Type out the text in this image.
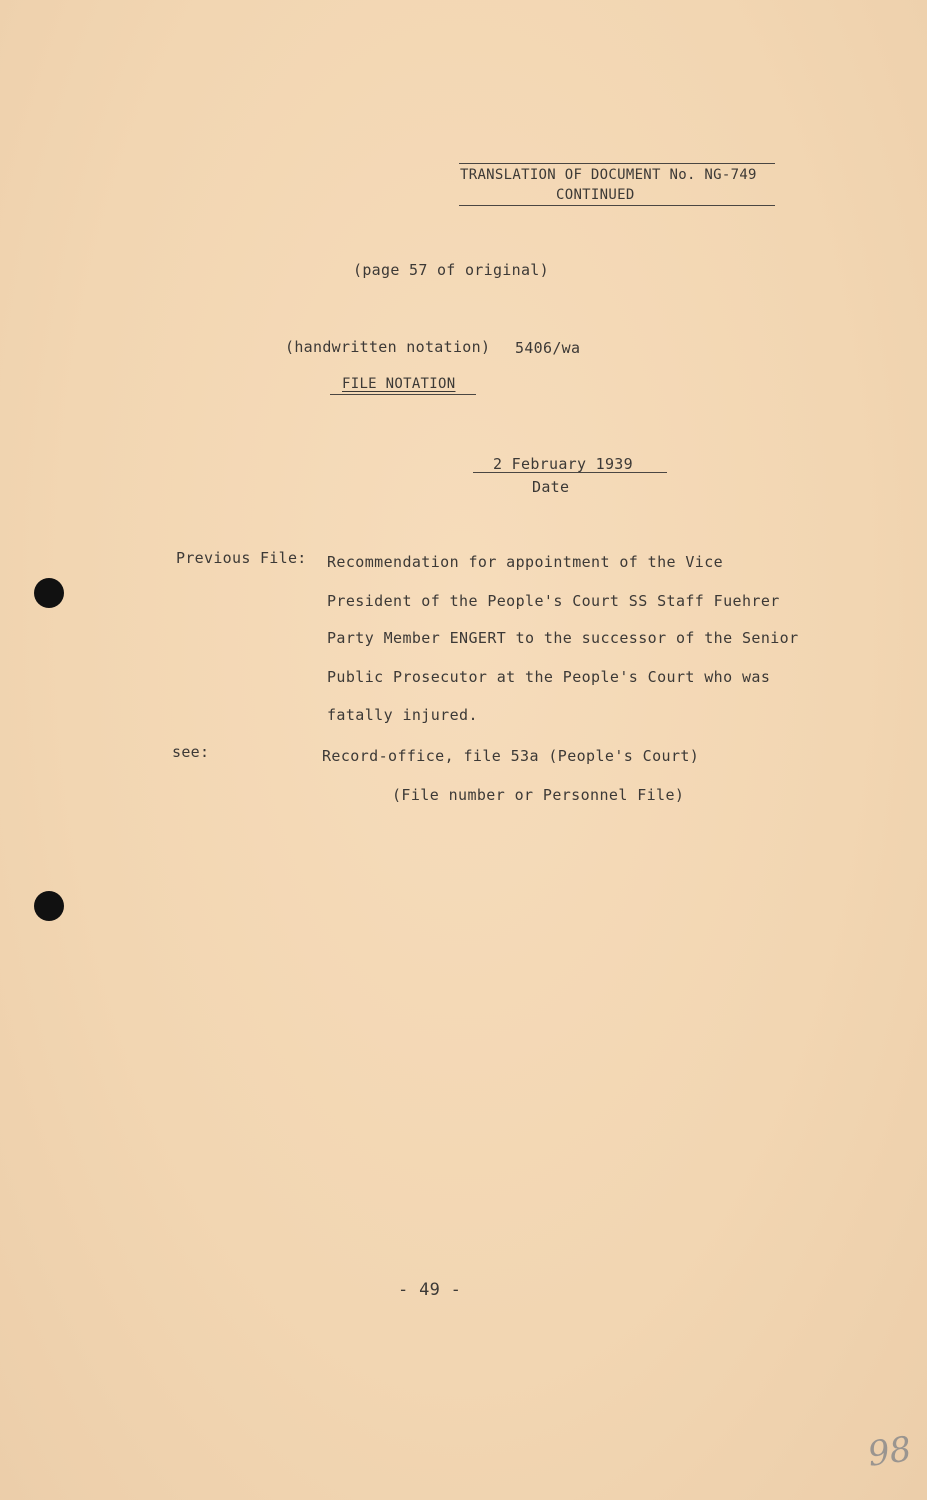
TRANSLATION OF DOCUMENT No. NG-749
CONTINUED
(page 57 of original)
(handwritten notation) 5406/wa
FILE NOTATION
2 February 1939
Date
Previous File: Recommendation for appointment of the Vice
President of the People's Court SS Staff Fuehrer
Party Member ENGERT to the successor of the Senior
Public Prosecutor at the People's Court who was
fatally injured.
see:	Record-office, file 53a (People's Court)
(File number or Personnel File)
- 49 -
98
